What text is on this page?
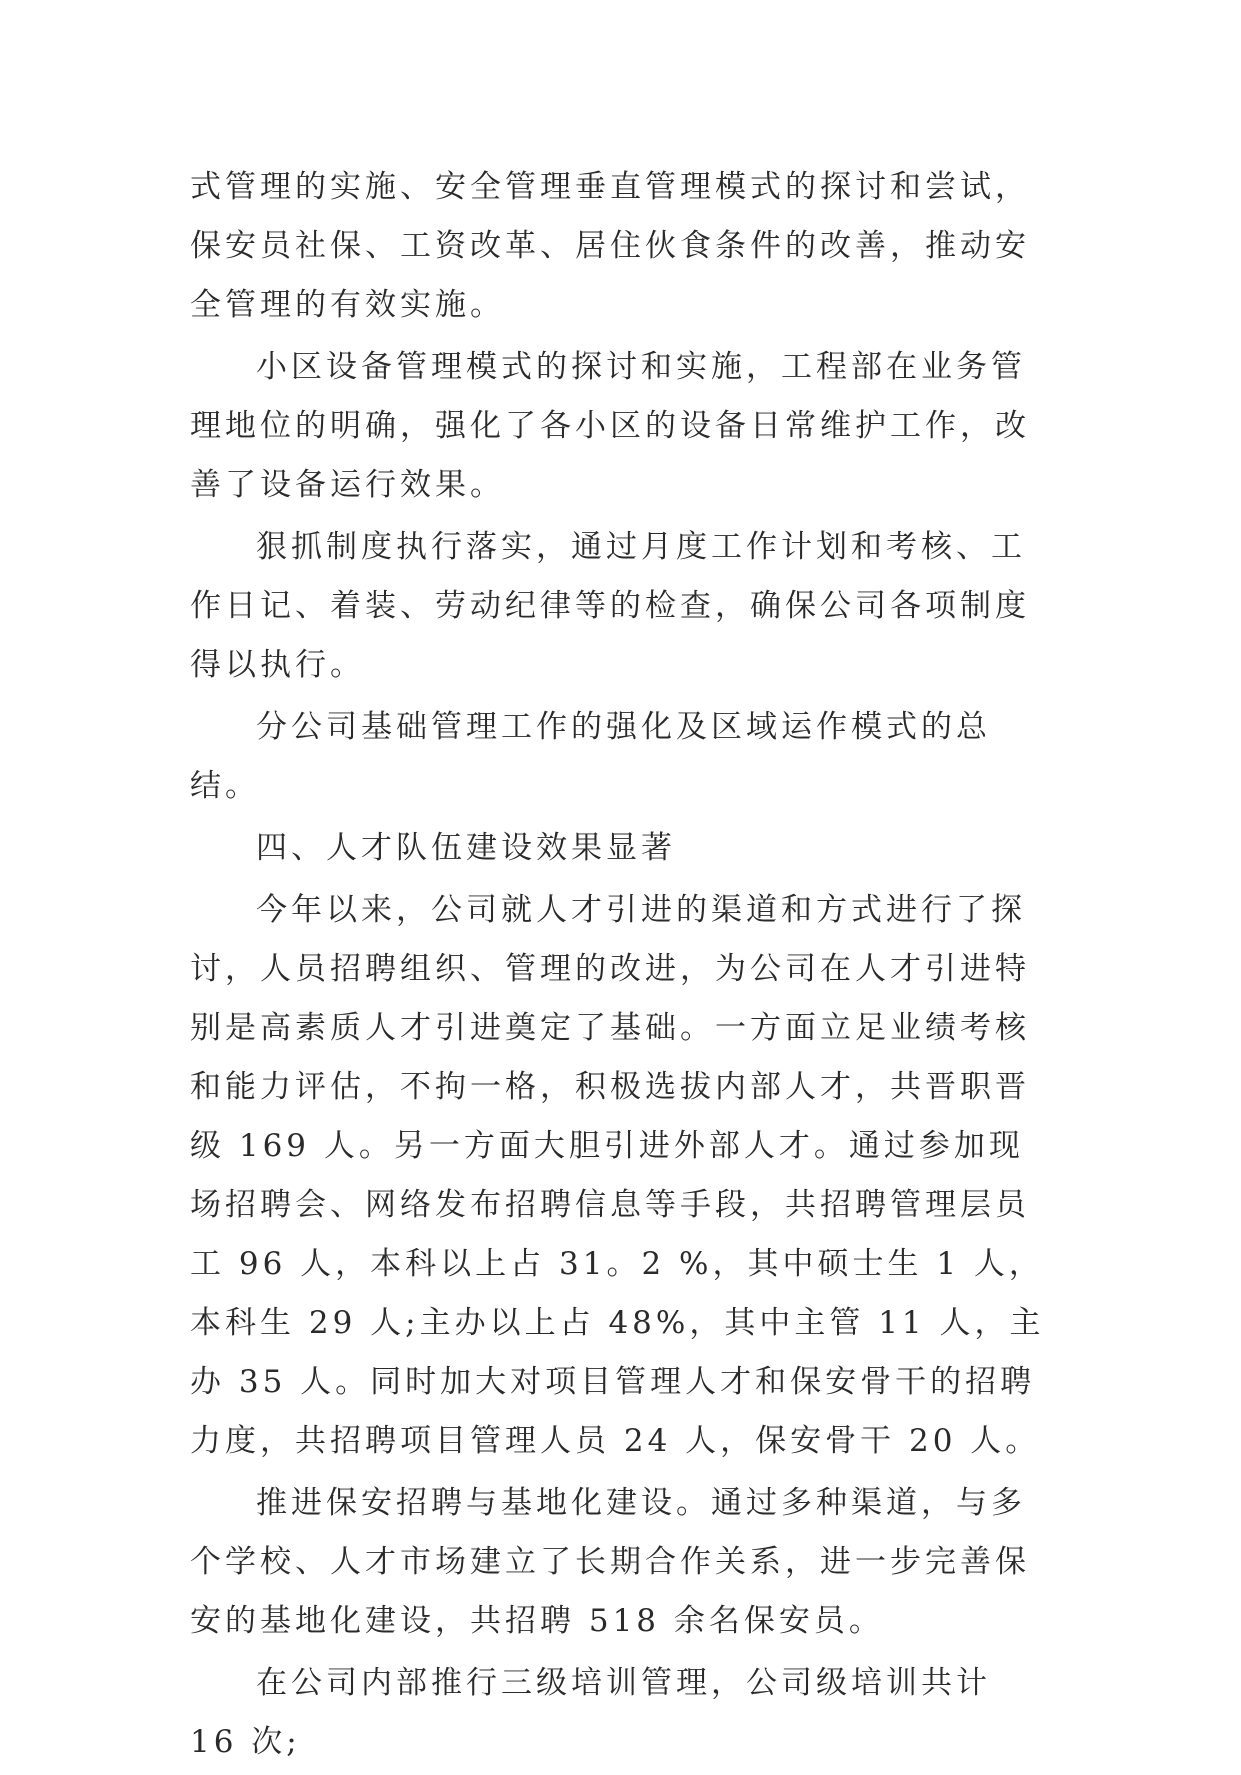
式管理的实施、安全管理垂直管理模式的探讨和尝试，保安员社保、工资改革、居住伙食条件的改善，推动安全管理的有效实施。

小区设备管理模式的探讨和实施，工程部在业务管理地位的明确，强化了各小区的设备日常维护工作，改善了设备运行效果。

狠抓制度执行落实，通过月度工作计划和考核、工作日记、着装、劳动纪律等的检查，确保公司各项制度得以执行。

分公司基础管理工作的强化及区域运作模式的总结。

四、人才队伍建设效果显著

今年以来，公司就人才引进的渠道和方式进行了探讨，人员招聘组织、管理的改进，为公司在人才引进特别是高素质人才引进奠定了基础。一方面立足业绩考核和能力评估，不拘一格，积极选拔内部人才，共晋职晋级 169 人。另一方面大胆引进外部人才。通过参加现场招聘会、网络发布招聘信息等手段，共招聘管理层员工 96 人，本科以上占 31。2 %，其中硕士生 1 人，本科生 29 人;主办以上占 48%，其中主管 11 人，主办 35 人。同时加大对项目管理人才和保安骨干的招聘力度，共招聘项目管理人员 24 人，保安骨干 20 人。

推进保安招聘与基地化建设。通过多种渠道，与多个学校、人才市场建立了长期合作关系，进一步完善保安的基地化建设，共招聘 518 余名保安员。

在公司内部推行三级培训管理，公司级培训共计 16 次;
